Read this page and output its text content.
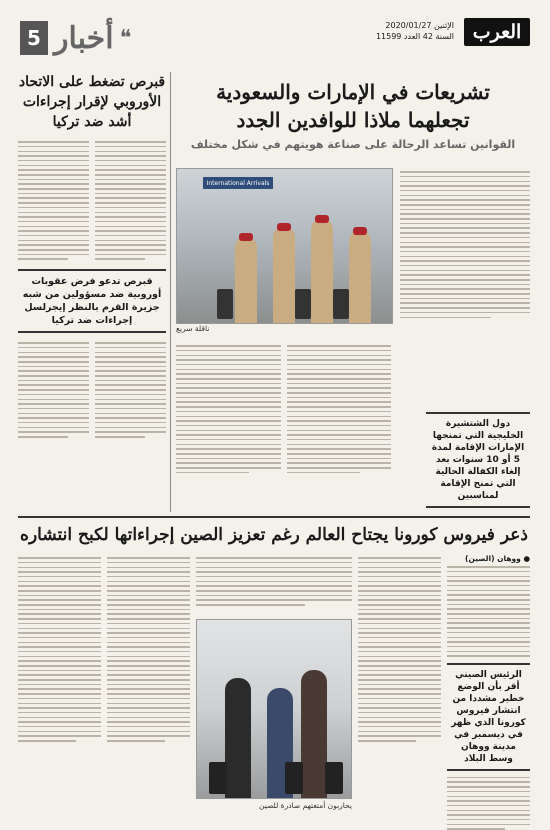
العرب
الإثنين 2020/01/27
السنة 42 العدد 11599
5 أخبار ❝
قبرص تضغط على الاتحاد الأوروبي لإقرار إجراءات أشد ضد تركيا
قبرص تدعو فرض عقوبات أوروبية ضد مسؤولين من شبه جزيرة القرم بالنظر إيجرلسل إجراءات ضد تركيا
تشريعات في الإمارات والسعودية
تجعلهما ملاذا للوافدين الجدد
القوانين تساعد الرحالة على صناعة هويتهم في شكل مختلف
International Arrivals
ناقلة سريع
دول الشتشيرة الخليجية التي تمنحها الإمارات الإقامة لمدة 5 أو 10 سنوات بعد إلغاء الكفالة الحالية التي تمنح الإقامة لمناسبين
ذعر فيروس كورونا يجتاح العالم رغم تعزيز الصين إجراءاتها لكبح انتشاره
● ووهان (الصين)
الرئيس الصيني أقر بأن الوضع خطير مشددا من انتشار فيروس كورونا الذي ظهر في ديسمبر في مدينة ووهان وسط البلاد
يحاربون أمتعتهم صادرة للصين
